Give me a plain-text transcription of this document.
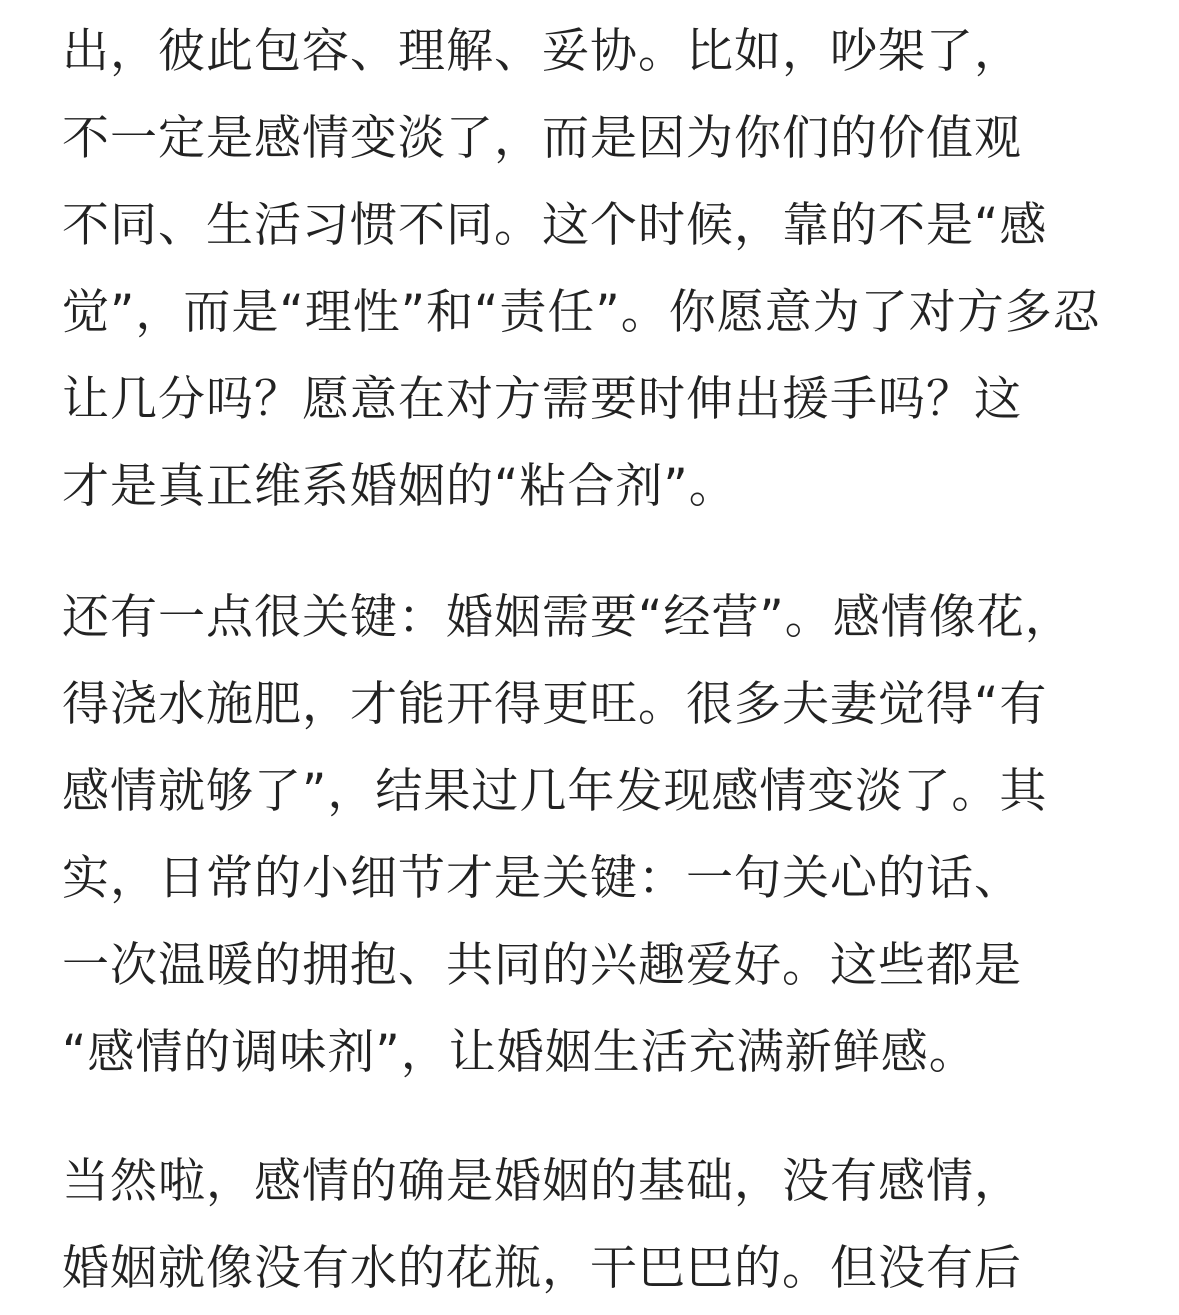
出，彼此包容、理解、妥协。比如，吵架了，
不一定是感情变淡了，而是因为你们的价值观
不同、生活习惯不同。这个时候，靠的不是“感
觉”，而是“理性”和“责任”。你愿意为了对方多忍
让几分吗？愿意在对方需要时伸出援手吗？这
才是真正维系婚姻的“粘合剂”。
还有一点很关键：婚姻需要“经营”。感情像花，
得浇水施肥，才能开得更旺。很多夫妻觉得“有
感情就够了”，结果过几年发现感情变淡了。其
实，日常的小细节才是关键：一句关心的话、
一次温暖的拥抱、共同的兴趣爱好。这些都是
“感情的调味剂”，让婚姻生活充满新鲜感。
当然啦，感情的确是婚姻的基础，没有感情，
婚姻就像没有水的花瓶，干巴巴的。但没有后
